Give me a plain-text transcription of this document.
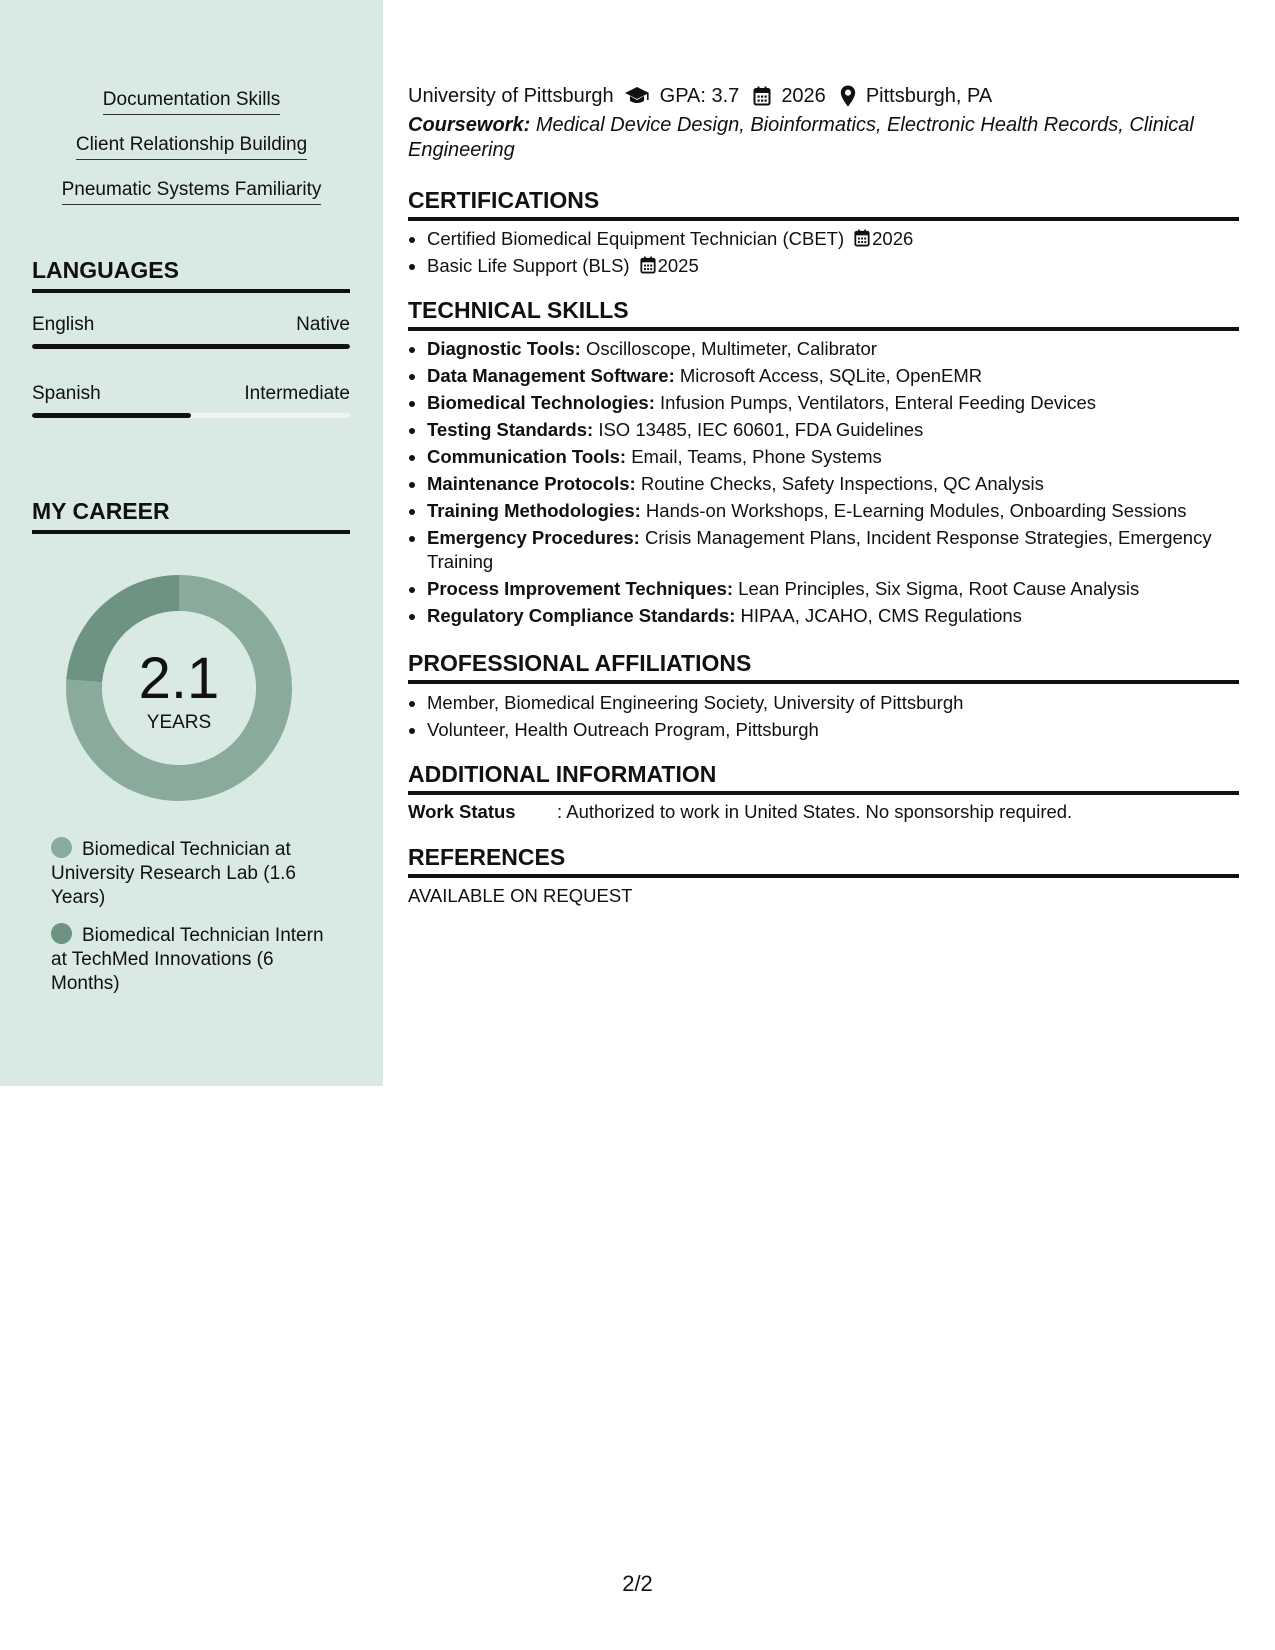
Documentation Skills
Client Relationship Building
Pneumatic Systems Familiarity
LANGUAGES
English	Native
Spanish	Intermediate
MY CAREER
2.1
YEARS
Biomedical Technician at University Research Lab (1.6 Years)
Biomedical Technician Intern at TechMed Innovations (6 Months)
University of Pittsburgh GPA: 3.7 2026 Pittsburgh, PA
Coursework: Medical Device Design, Bioinformatics, Electronic Health Records, Clinical Engineering
CERTIFICATIONS
• Certified Biomedical Equipment Technician (CBET) 2026
• Basic Life Support (BLS) 2025
TECHNICAL SKILLS
• Diagnostic Tools: Oscilloscope, Multimeter, Calibrator
• Data Management Software: Microsoft Access, SQLite, OpenEMR
• Biomedical Technologies: Infusion Pumps, Ventilators, Enteral Feeding Devices
• Testing Standards: ISO 13485, IEC 60601, FDA Guidelines
• Communication Tools: Email, Teams, Phone Systems
• Maintenance Protocols: Routine Checks, Safety Inspections, QC Analysis
• Training Methodologies: Hands-on Workshops, E-Learning Modules, Onboarding Sessions
• Emergency Procedures: Crisis Management Plans, Incident Response Strategies, Emergency Training
• Process Improvement Techniques: Lean Principles, Six Sigma, Root Cause Analysis
• Regulatory Compliance Standards: HIPAA, JCAHO, CMS Regulations
PROFESSIONAL AFFILIATIONS
• Member, Biomedical Engineering Society, University of Pittsburgh
• Volunteer, Health Outreach Program, Pittsburgh
ADDITIONAL INFORMATION
Work Status : Authorized to work in United States. No sponsorship required.
REFERENCES
AVAILABLE ON REQUEST
2/2
